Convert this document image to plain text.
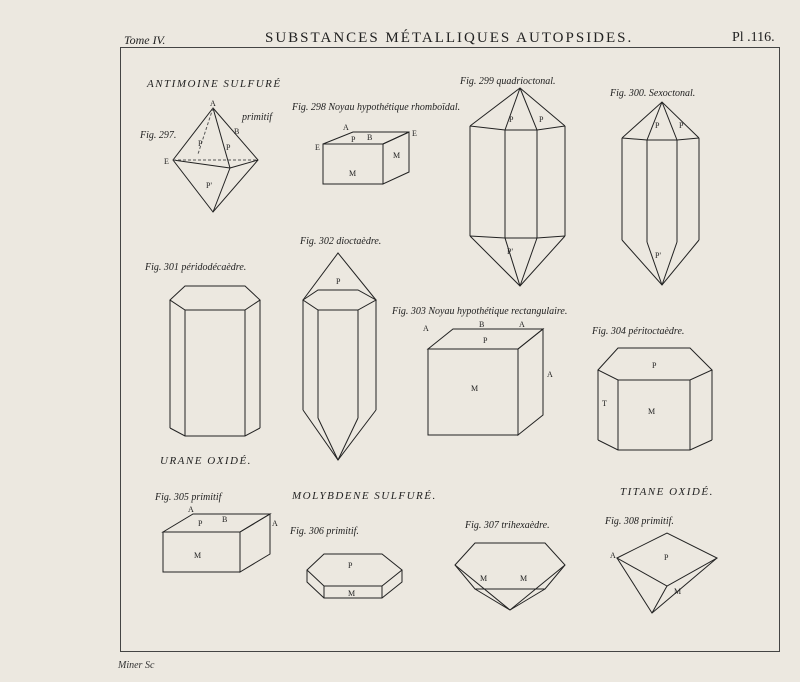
Tome IV.	SUBSTANCES MÉTALLIQUES AUTOPSIDES.	Pl .116.
ANTIMOINE SULFURÉ
URANE OXIDÉ.
MOLYBDENE SULFURÉ.	TITANE OXIDÉ.
Fig. 297.
primitif
Fig. 298 Noyau hypothétique rhomboïdal.
Fig. 299 quadrioctonal.
Fig. 300. Sexoctonal.
Fig. 301 péridodécaèdre.
Fig. 302 dioctaèdre.
Fig. 303 Noyau hypothétique rectangulaire.
Fig. 304 péritoctaèdre.
Fig. 305 primitif
Fig. 306 primitif.
Fig. 307 trihexaèdre.	Fig. 308 primitif.
A
B
P	P
E
P'
A
B
P
E
M
M
E
P	P
P'
P P
P'
P
A	B	A
P
M
A
P
M
T
A
B
P
M
A
P
M
M	M
P
M
A
Miner Sc
